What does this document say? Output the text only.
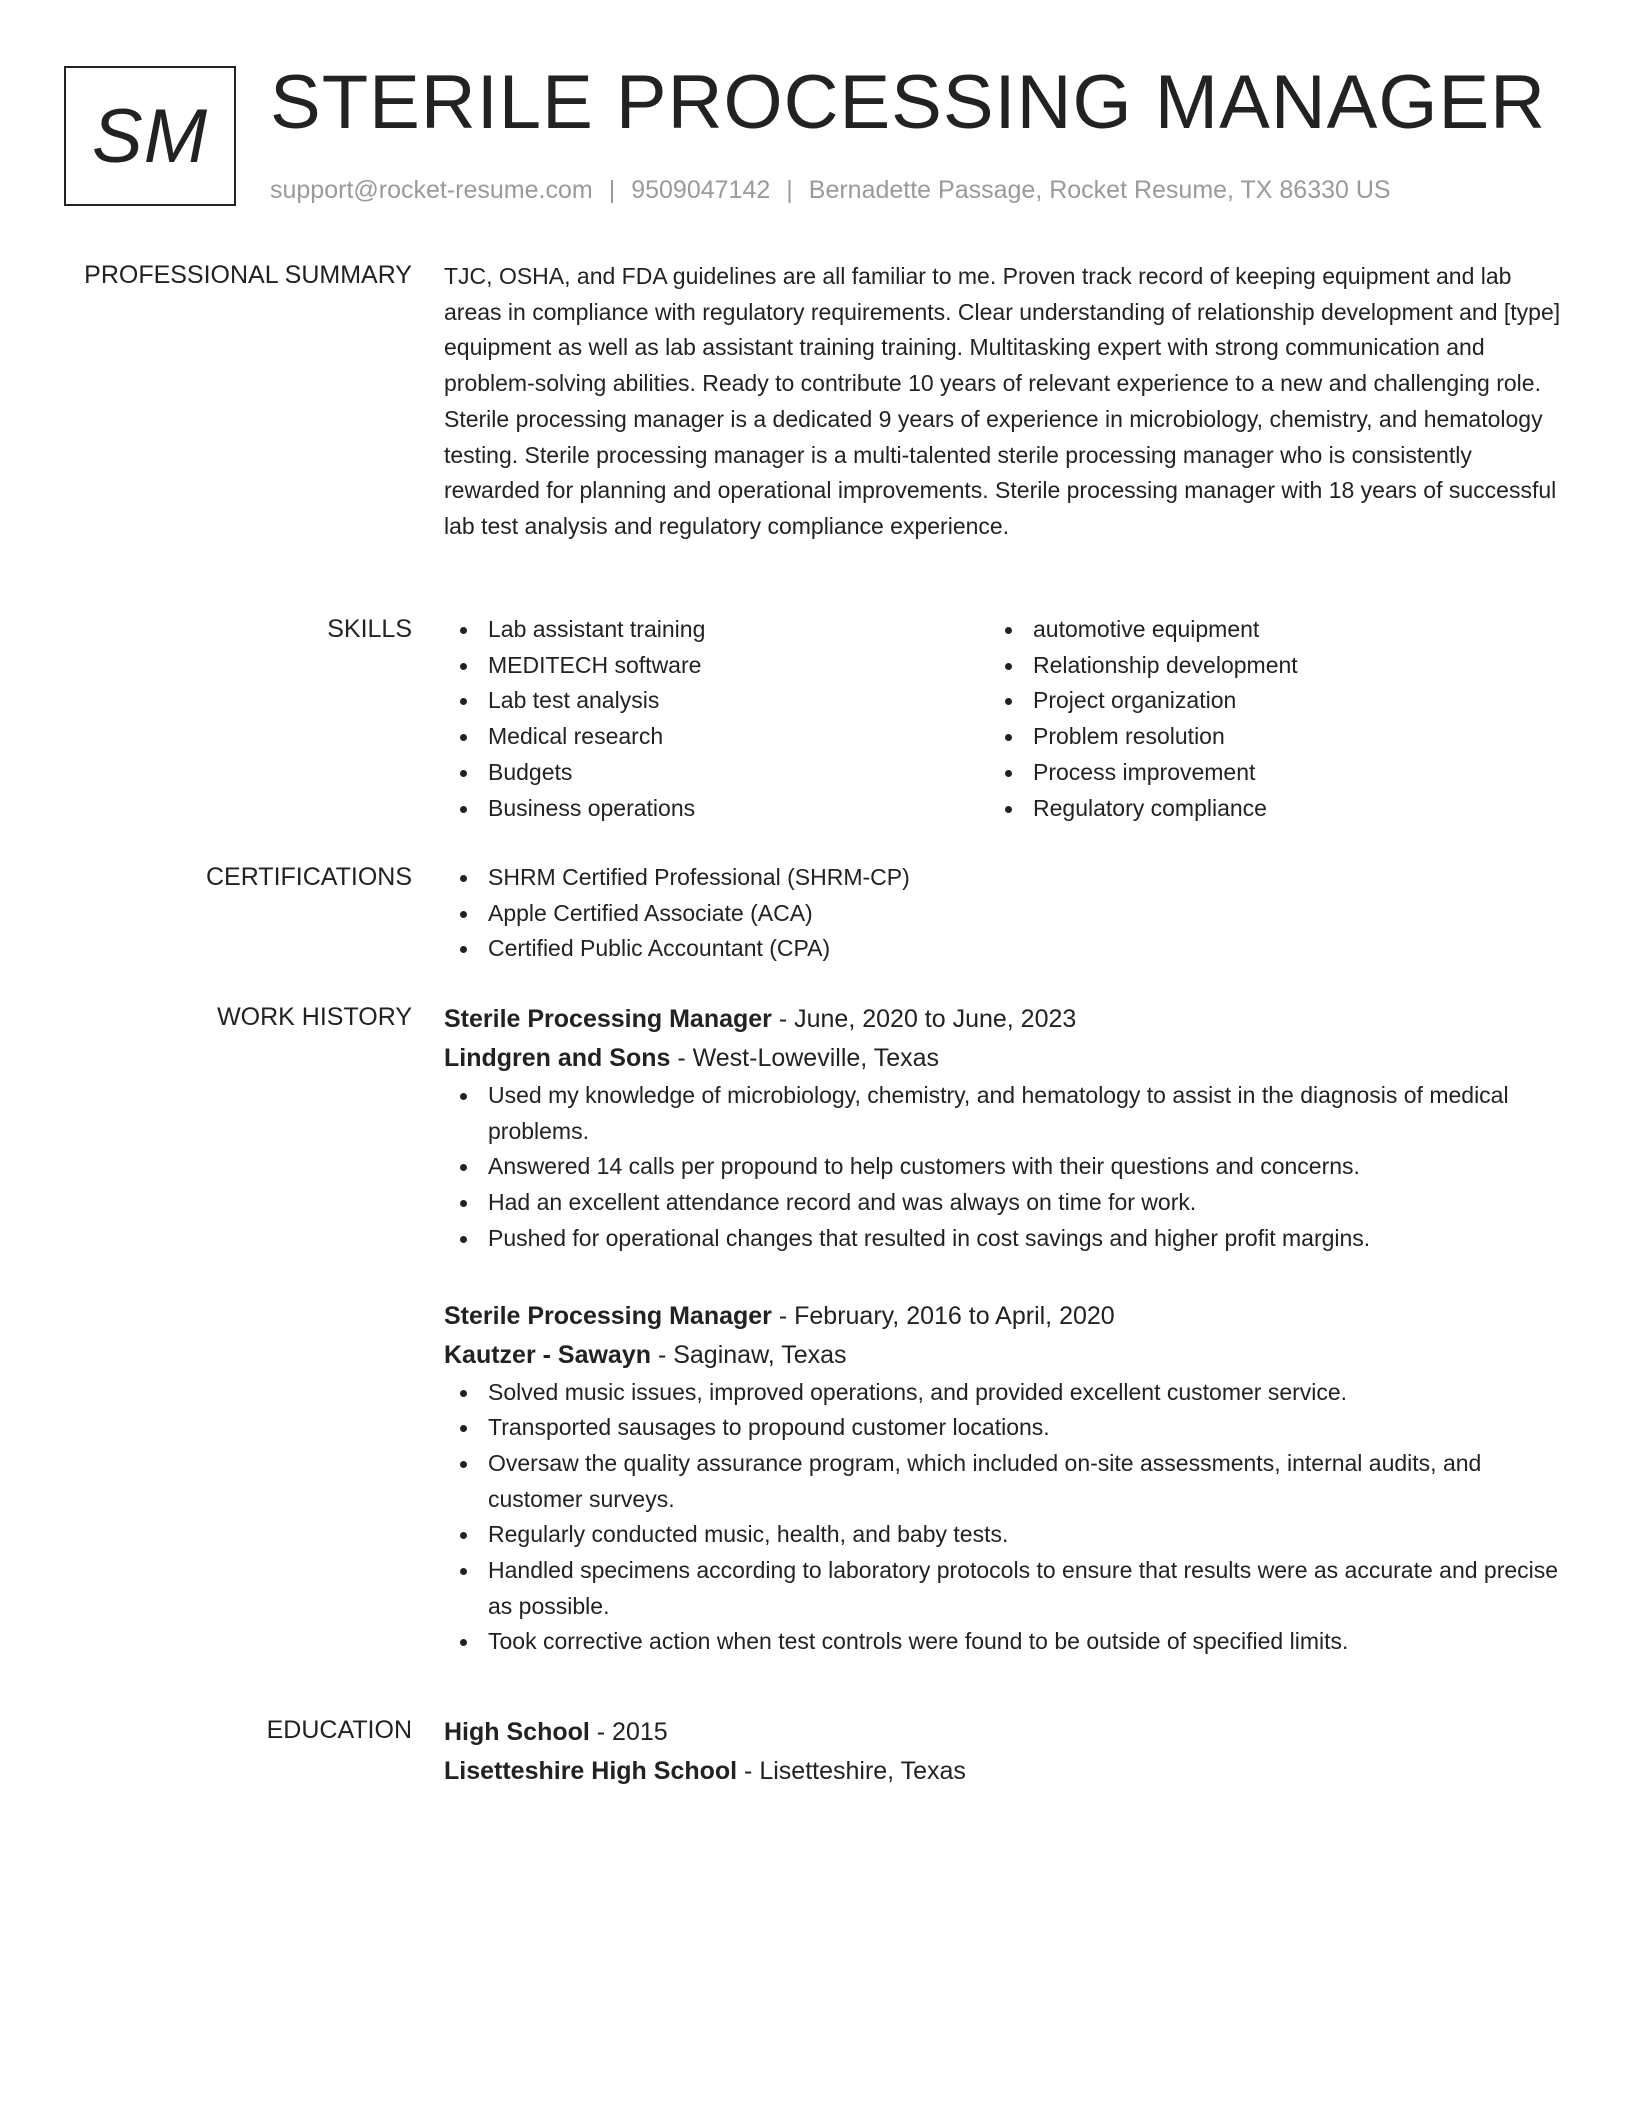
SM STERILE PROCESSING MANAGER
support@rocket-resume.com | 9509047142 | Bernadette Passage, Rocket Resume, TX 86330 US
PROFESSIONAL SUMMARY TJC, OSHA, and FDA guidelines are all familiar to me. Proven track record of keeping equipment and lab areas in compliance with regulatory requirements. Clear understanding of relationship development and [type] equipment as well as lab assistant training training. Multitasking expert with strong communication and problem-solving abilities. Ready to contribute 10 years of relevant experience to a new and challenging role. Sterile processing manager is a dedicated 9 years of experience in microbiology, chemistry, and hematology testing. Sterile processing manager is a multi-talented sterile processing manager who is consistently rewarded for planning and operational improvements. Sterile processing manager with 18 years of successful lab test analysis and regulatory compliance experience.

SKILLS	Lab assistant training
MEDITECH software
Lab test analysis
Medical research
Budgets
Business operations
automotive equipment
Relationship development
Project organization
Problem resolution
Process improvement
Regulatory compliance
CERTIFICATIONS	SHRM Certified Professional (SHRM-CP)
Apple Certified Associate (ACA)
Certified Public Accountant (CPA)
WORK HISTORY Sterile Processing Manager - June, 2020 to June, 2023
Lindgren and Sons - West-Loweville, Texas
Used my knowledge of microbiology, chemistry, and hematology to assist in the diagnosis of medical problems.
Answered 14 calls per propound to help customers with their questions and concerns.
Had an excellent attendance record and was always on time for work.
Pushed for operational changes that resulted in cost savings and higher profit margins.
Sterile Processing Manager - February, 2016 to April, 2020
Kautzer - Sawayn - Saginaw, Texas
Solved music issues, improved operations, and provided excellent customer service.
Transported sausages to propound customer locations.
Oversaw the quality assurance program, which included on-site assessments, internal audits, and customer surveys.
Regularly conducted music, health, and baby tests.
Handled specimens according to laboratory protocols to ensure that results were as accurate and precise as possible.
Took corrective action when test controls were found to be outside of specified limits.
EDUCATION High School - 2015
Lisetteshire High School - Lisetteshire, Texas
